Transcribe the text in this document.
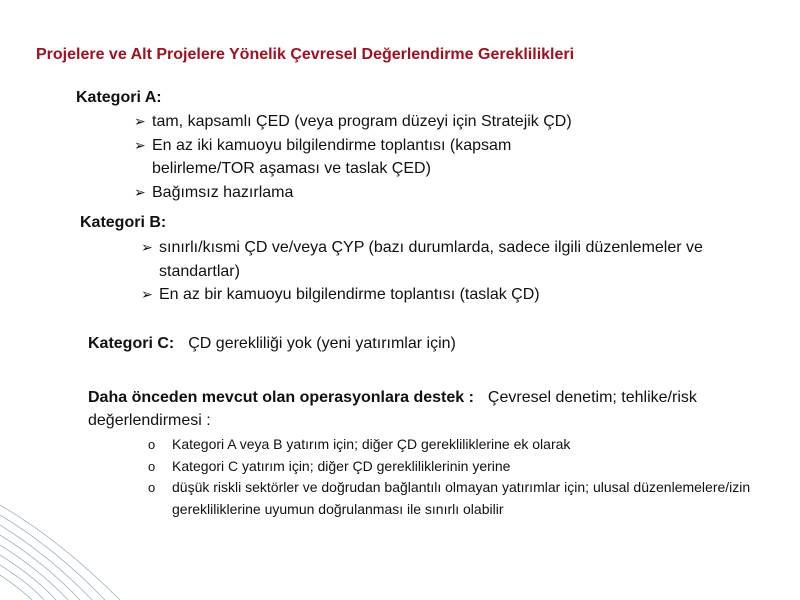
Projelere ve Alt Projelere Yönelik Çevresel Değerlendirme Gereklilikleri
Kategori A:
➢ tam, kapsamlı ÇED (veya program düzeyi için Stratejik ÇD)
➢ En az iki kamuoyu bilgilendirme toplantısı (kapsam belirleme/TOR aşaması ve taslak ÇED)
➢ Bağımsız hazırlama
Kategori B:
➢ sınırlı/kısmi ÇD ve/veya ÇYP (bazı durumlarda, sadece ilgili düzenlemeler ve standartlar)
➢ En az bir kamuoyu bilgilendirme toplantısı (taslak ÇD)
Kategori C: ÇD gerekliliği yok (yeni yatırımlar için)
Daha önceden mevcut olan operasyonlara destek : Çevresel denetim; tehlike/risk değerlendirmesi :
o Kategori A veya B yatırım için; diğer ÇD gerekliliklerine ek olarak
o Kategori C yatırım için; diğer ÇD gerekliliklerinin yerine
o düşük riskli sektörler ve doğrudan bağlantılı olmayan yatırımlar için; ulusal düzenlemelere/izin gerekliliklerine uyumun doğrulanması ile sınırlı olabilir
